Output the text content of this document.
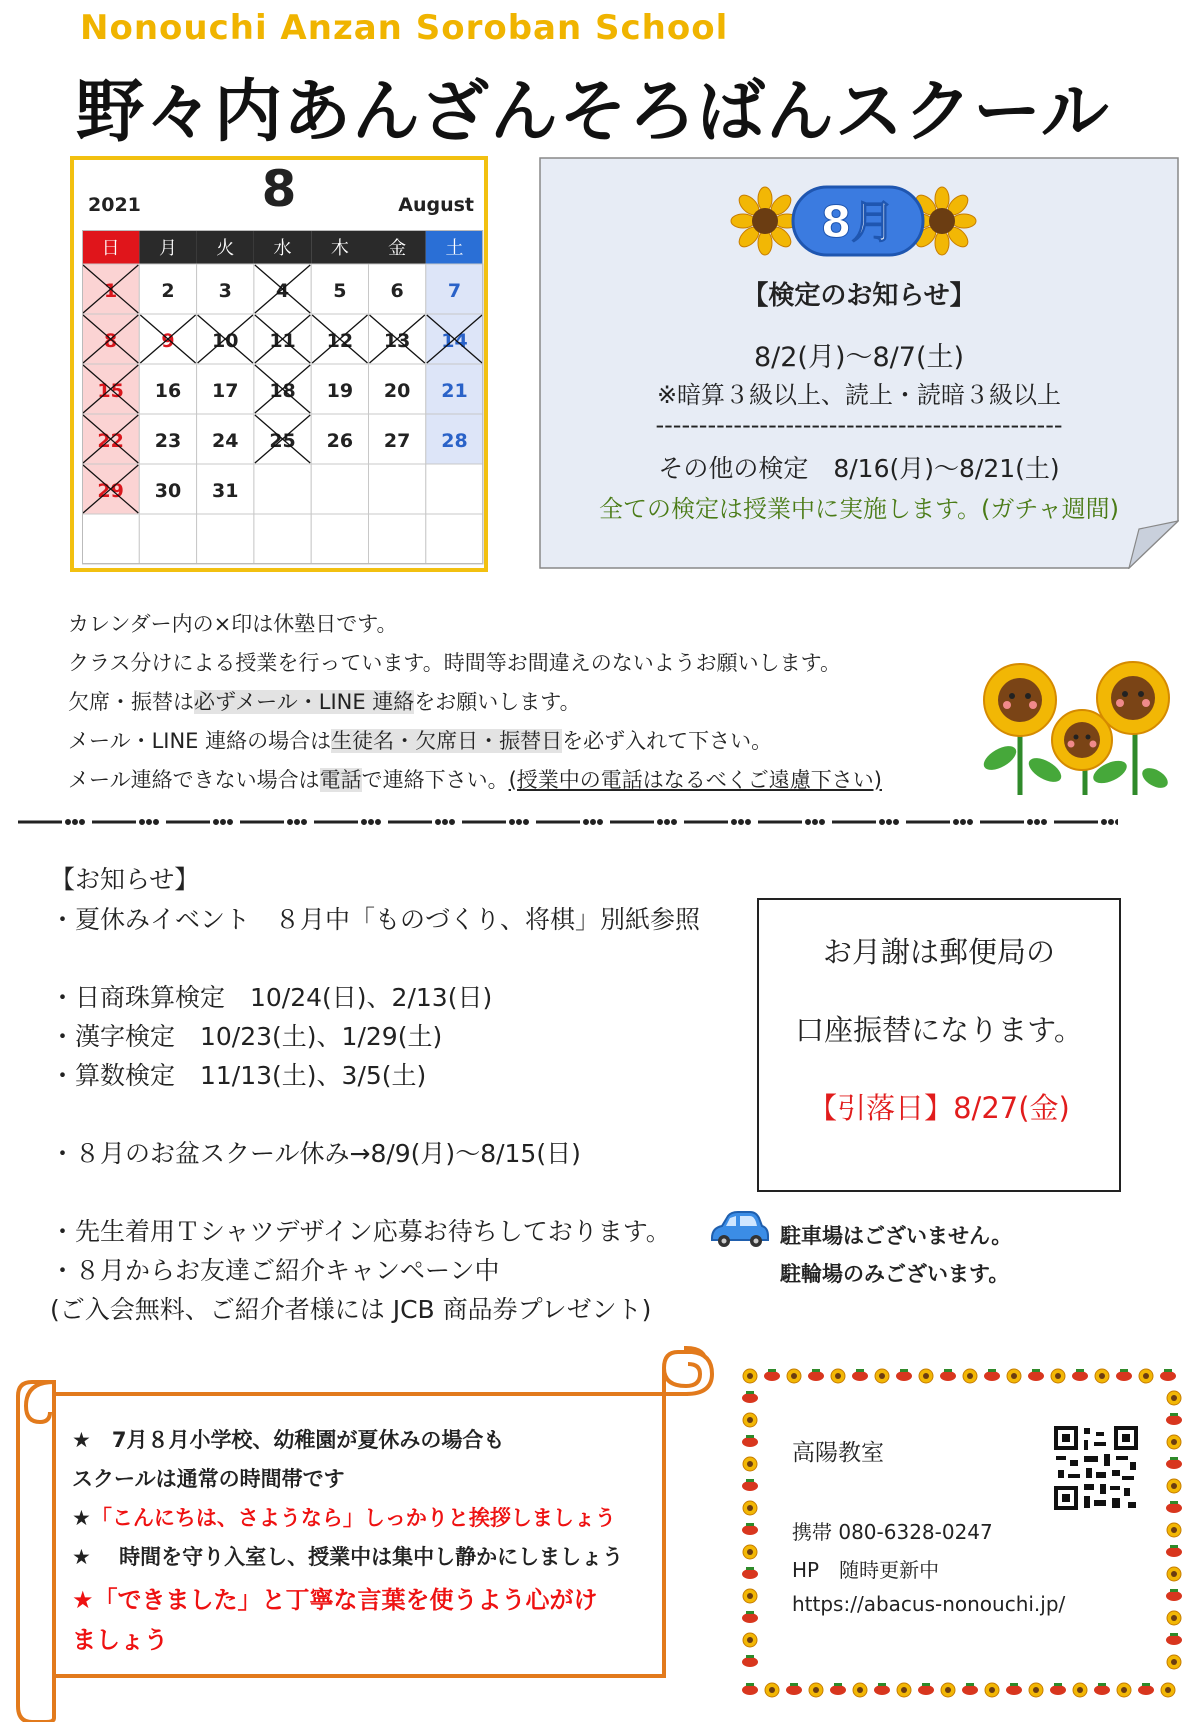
Nonouchi Anzan Soroban School
野々内あんざんそろばんスクール
2021	8	August
日 月 火 水 木 金 土
1 2 3 4 5 6 7
8 9 10 11 12 13 14
15 16 17 18 19 20 21
22 23 24 25 26 27 28
29 30 31
8月
【検定のお知らせ】
8/2(月)～8/7(土)
※暗算３級以上、読上・読暗３級以上
-----------------------------------------------
その他の検定　8/16(月)～8/21(土)
全ての検定は授業中に実施します。(ガチャ週間)
カレンダー内の×印は休塾日です。
クラス分けによる授業を行っています。時間等お間違えのないようお願いします。
欠席・振替は必ずメール・LINE 連絡をお願いします。
メール・LINE 連絡の場合は生徒名・欠席日・振替日を必ず入れて下さい。
メール連絡できない場合は電話で連絡下さい。(授業中の電話はなるべくご遠慮下さい)
【お知らせ】
・夏休みイベント　８月中「ものづくり、将棋」別紙参照
・日商珠算検定　10/24(日)、2/13(日)
・漢字検定　10/23(土)、1/29(土)
・算数検定　11/13(土)、3/5(土)
・８月のお盆スクール休み→8/9(月)～8/15(日)
・先生着用Ｔシャツデザイン応募お待ちしております。
・８月からお友達ご紹介キャンペーン中
(ご入会無料、ご紹介者様には JCB 商品券プレゼント)
お月謝は郵便局の
口座振替になります。
【引落日】8/27(金)
駐車場はございません。
駐輪場のみございます。
★　7月８月小学校、幼稚園が夏休みの場合も
スクールは通常の時間帯です
★「こんにちは、さようなら」しっかりと挨拶しましょう
★　 時間を守り入室し、授業中は集中し静かにしましょう
★「できました」と丁寧な言葉を使うよう心がけ
ましょう
高陽教室
携帯 080-6328-0247
HP　随時更新中
https://abacus-nonouchi.jp/
